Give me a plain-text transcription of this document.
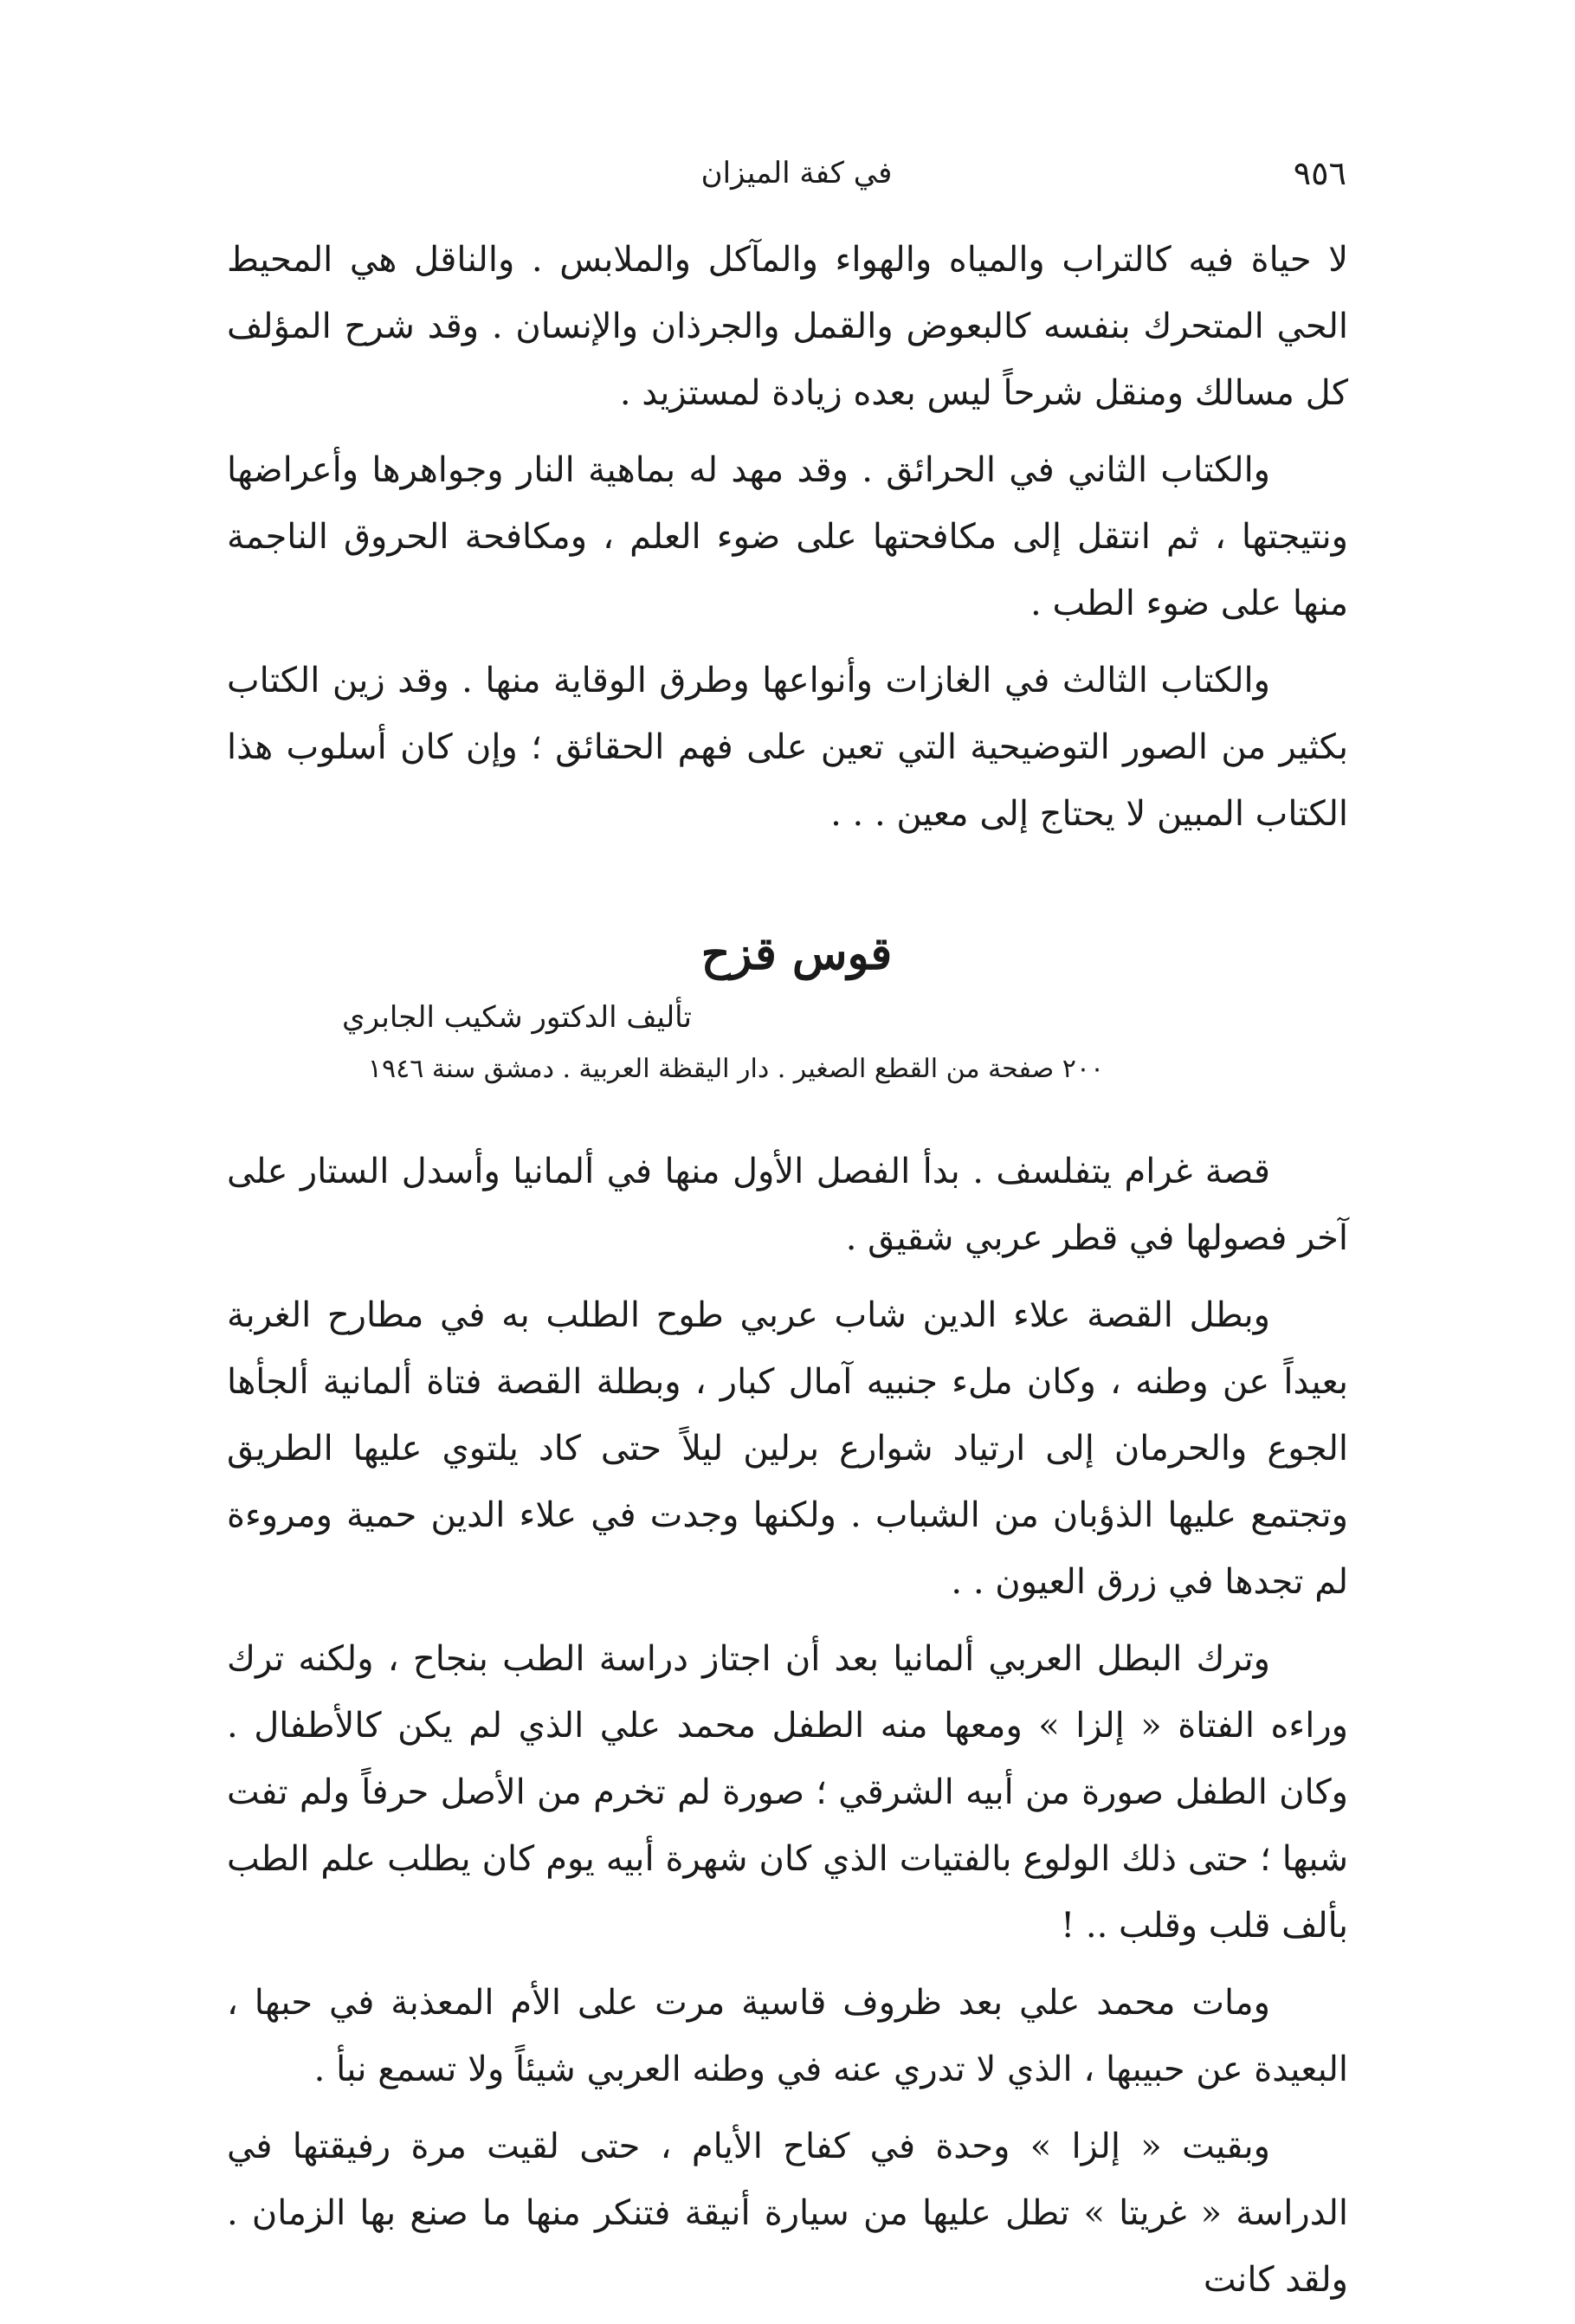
٩٥٦
في كفة الميزان

لا حياة فيه كالتراب والمياه والهواء والمآكل والملابس . والناقل هي المحيط الحي المتحرك بنفسه كالبعوض والقمل والجرذان والإنسان . وقد شرح المؤلف كل مسالك ومنقل شرحاً ليس بعده زيادة لمستزيد .

والكتاب الثاني في الحرائق . وقد مهد له بماهية النار وجواهرها وأعراضها ونتيجتها ، ثم انتقل إلى مكافحتها على ضوء العلم ، ومكافحة الحروق الناجمة منها على ضوء الطب .

والكتاب الثالث في الغازات وأنواعها وطرق الوقاية منها . وقد زين الكتاب بكثير من الصور التوضيحية التي تعين على فهم الحقائق ؛ وإن كان أسلوب هذا الكتاب المبين لا يحتاج إلى معين . . .

قوس قزح
تأليف الدكتور شكيب الجابري
٢٠٠ صفحة من القطع الصغير . دار اليقظة العربية . دمشق سنة ١٩٤٦

قصة غرام يتفلسف . بدأ الفصل الأول منها في ألمانيا وأسدل الستار على آخر فصولها في قطر عربي شقيق .

وبطل القصة علاء الدين شاب عربي طوح الطلب به في مطارح الغربة بعيداً عن وطنه ، وكان ملء جنبيه آمال كبار ، وبطلة القصة فتاة ألمانية ألجأها الجوع والحرمان إلى ارتياد شوارع برلين ليلاً حتى كاد يلتوي عليها الطريق وتجتمع عليها الذؤبان من الشباب . ولكنها وجدت في علاء الدين حمية ومروءة لم تجدها في زرق العيون . .

وترك البطل العربي ألمانيا بعد أن اجتاز دراسة الطب بنجاح ، ولكنه ترك وراءه الفتاة « إلزا » ومعها منه الطفل محمد علي الذي لم يكن كالأطفال . وكان الطفل صورة من أبيه الشرقي ؛ صورة لم تخرم من الأصل حرفاً ولم تفت شبها ؛ حتى ذلك الولوع بالفتيات الذي كان شهرة أبيه يوم كان يطلب علم الطب بألف قلب وقلب .. !

ومات محمد علي بعد ظروف قاسية مرت على الأم المعذبة في حبها ، البعيدة عن حبيبها ، الذي لا تدري عنه في وطنه العربي شيئاً ولا تسمع نبأ .

وبقيت « إلزا » وحدة في كفاح الأيام ، حتى لقيت مرة رفيقتها في الدراسة « غريتا » تطل عليها من سيارة أنيقة فتنكر منها ما صنع بها الزمان . ولقد كانت
